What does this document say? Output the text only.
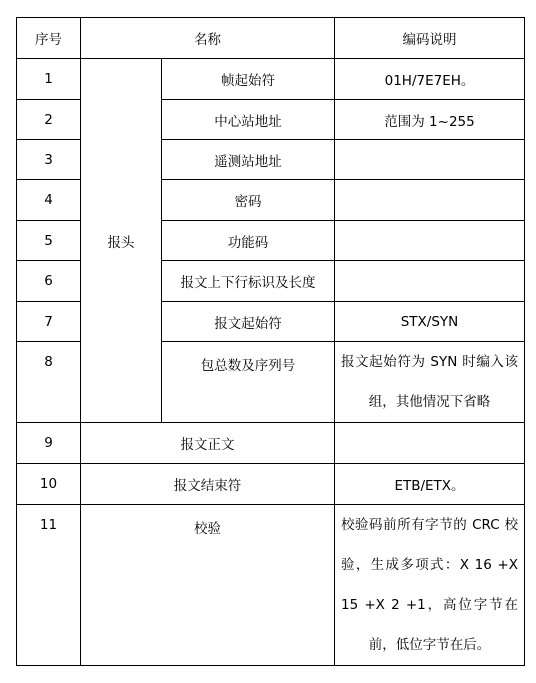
序号	名称		编码说明
1	报头	帧起始符	01H/7E7EH。
2		中心站地址	范围为 1~255
3		遥测站地址	
4		密码	
5		功能码	
6		报文上下行标识及长度	
7		报文起始符	STX/SYN
8		包总数及序列号	报文起始符为 SYN 时编入该组，其他情况下省略

9	报文正文		
10	报文结束符		ETB/ETX。
11	校验		校验码前所有字节的 CRC 校验，生成多项式：X 16 +X 15 +X 2 +1，高位字节在前，低位字节在后。
